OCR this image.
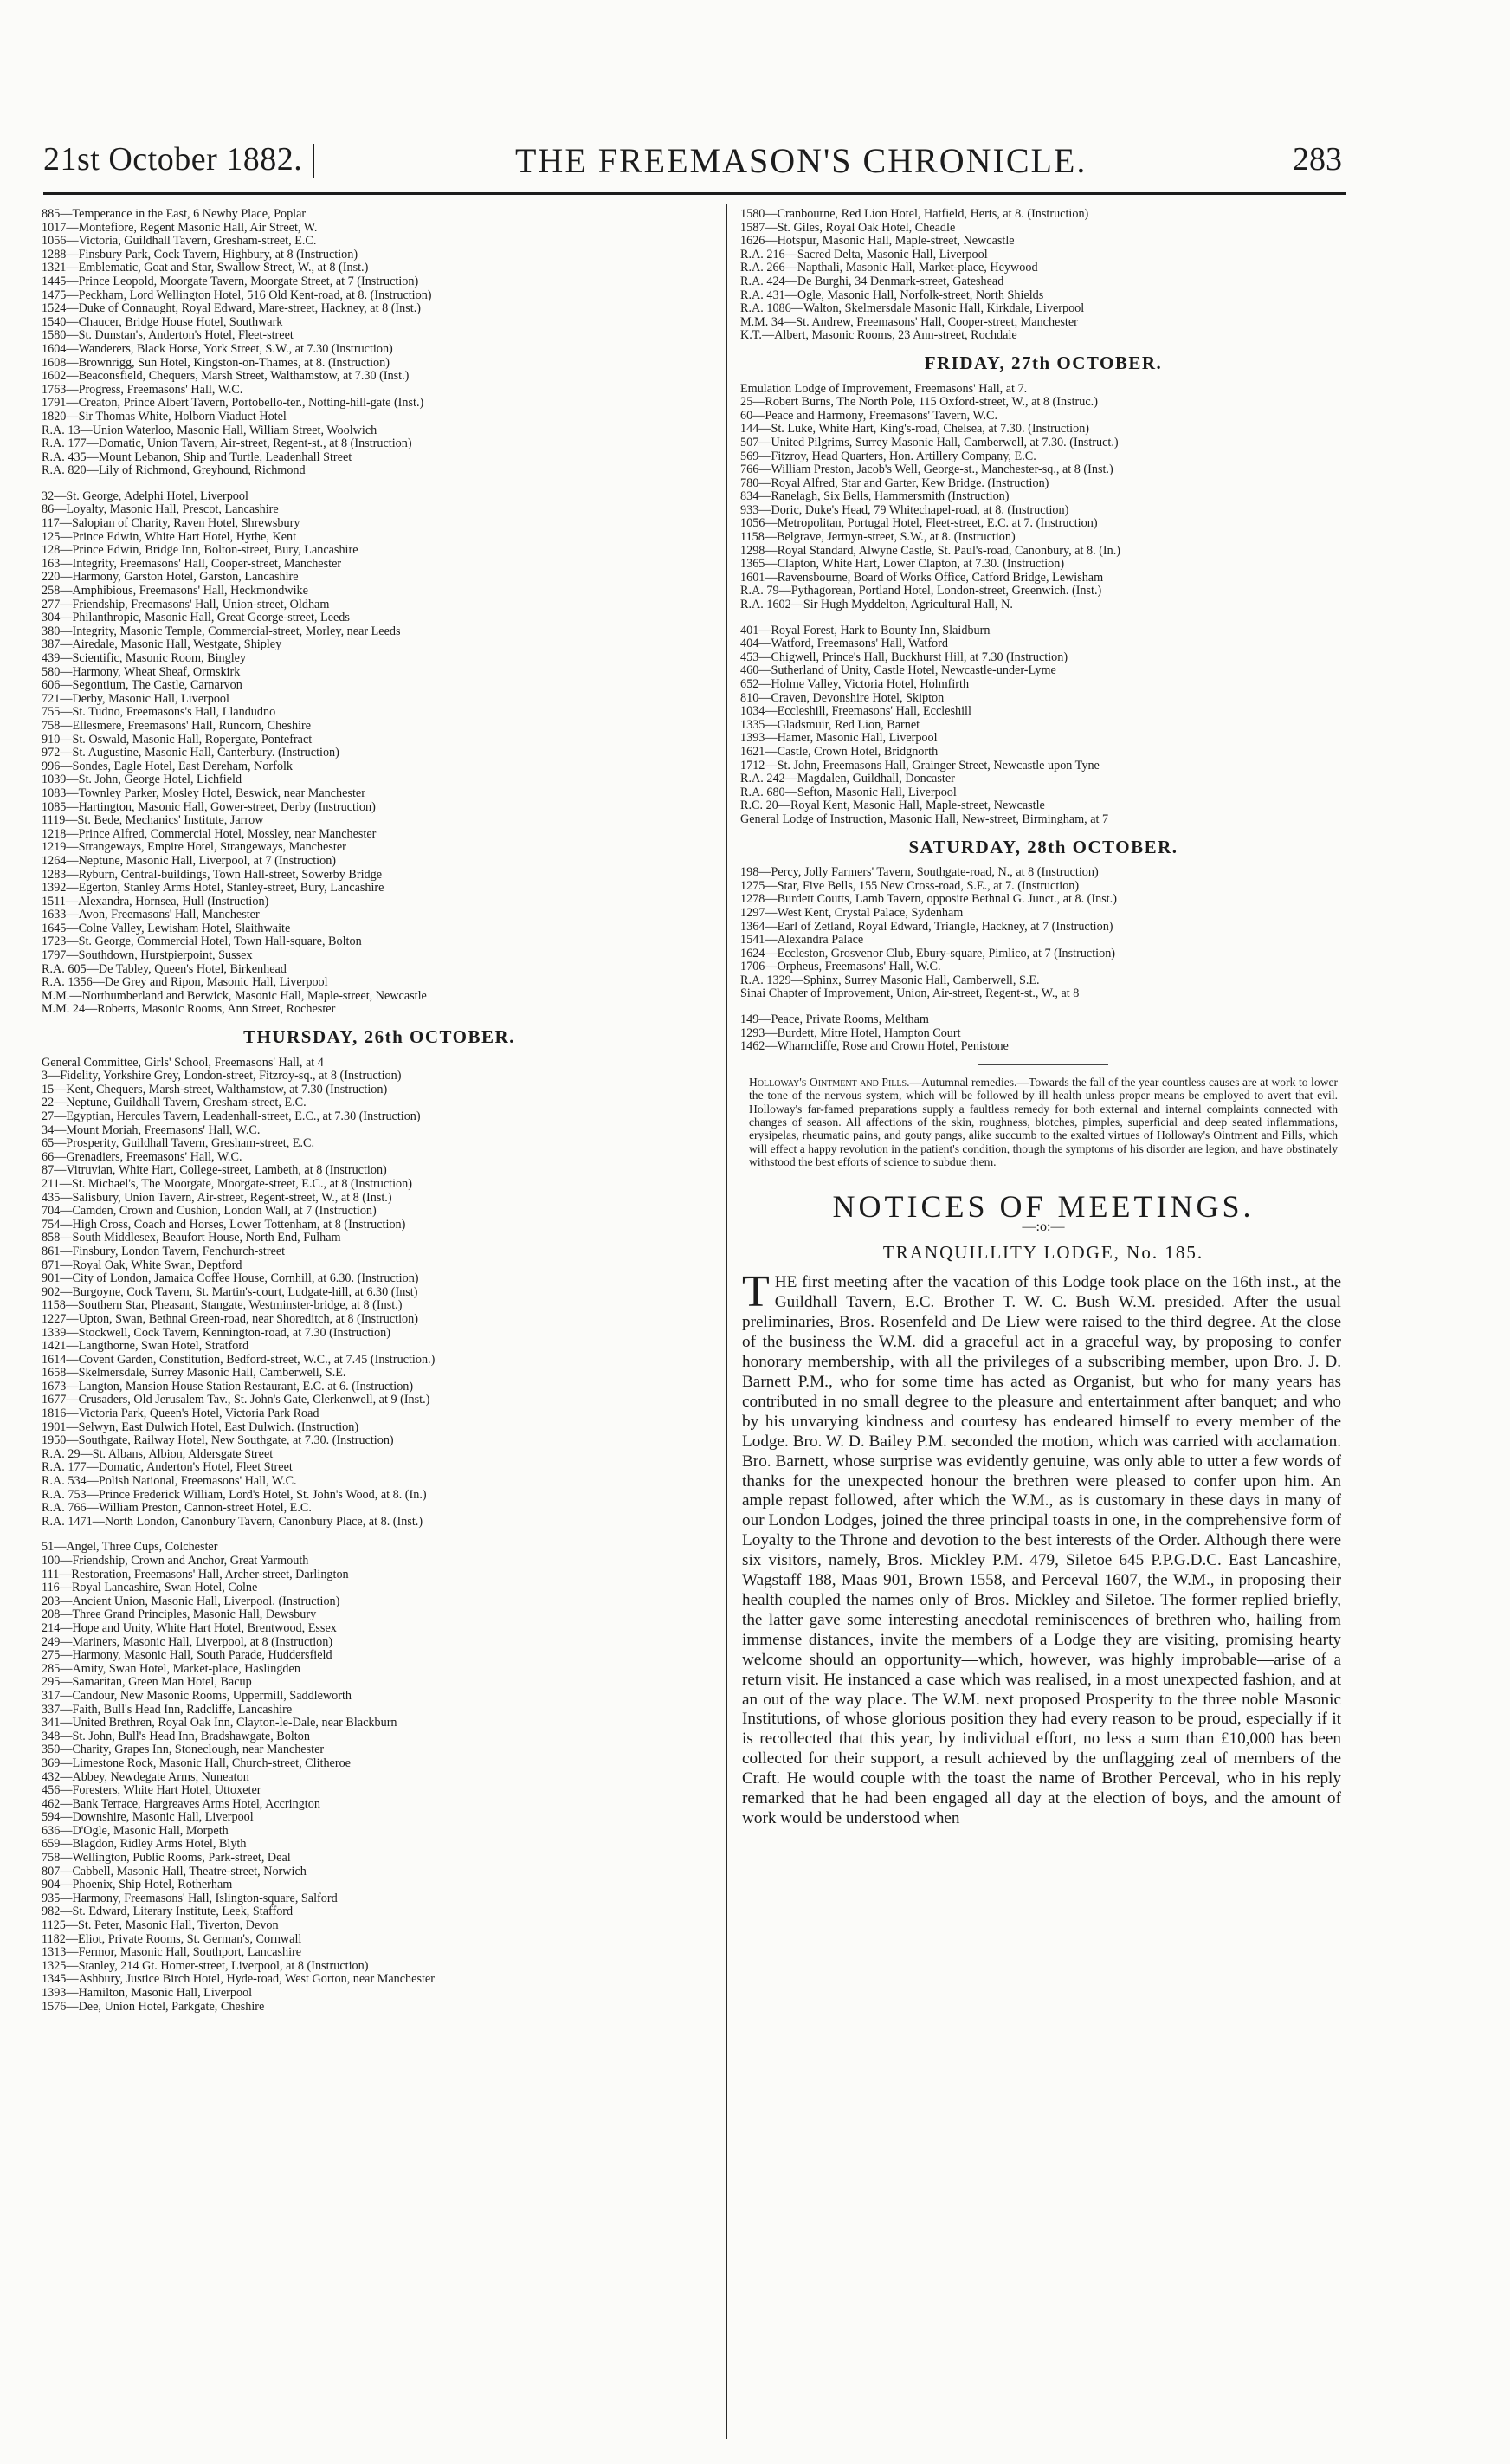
21st October 1882.	THE FREEMASON'S CHRONICLE.	283
885—Temperance in the East, 6 Newby Place, Poplar
1017—Montefiore, Regent Masonic Hall, Air Street, W.
1056—Victoria, Guildhall Tavern, Gresham-street, E.C.
1288—Finsbury Park, Cock Tavern, Highbury, at 8 (Instruction)
1321—Emblematic, Goat and Star, Swallow Street, W., at 8 (Inst.)
1445—Prince Leopold, Moorgate Tavern, Moorgate Street, at 7 (Instruction)
1475—Peckham, Lord Wellington Hotel, 516 Old Kent-road, at 8. (Instruction)
1524—Duke of Connaught, Royal Edward, Mare-street, Hackney, at 8 (Inst.)
1540—Chaucer, Bridge House Hotel, Southwark
1580—St. Dunstan's, Anderton's Hotel, Fleet-street
1604—Wanderers, Black Horse, York Street, S.W., at 7.30 (Instruction)
1608—Brownrigg, Sun Hotel, Kingston-on-Thames, at 8. (Instruction)
1602—Beaconsfield, Chequers, Marsh Street, Walthamstow, at 7.30 (Inst.)
1763—Progress, Freemasons' Hall, W.C.
1791—Creaton, Prince Albert Tavern, Portobello-ter., Notting-hill-gate (Inst.)
1820—Sir Thomas White, Holborn Viaduct Hotel
R.A. 13—Union Waterloo, Masonic Hall, William Street, Woolwich
R.A. 177—Domatic, Union Tavern, Air-street, Regent-st., at 8 (Instruction)
R.A. 435—Mount Lebanon, Ship and Turtle, Leadenhall Street
R.A. 820—Lily of Richmond, Greyhound, Richmond
32—St. George, Adelphi Hotel, Liverpool
86—Loyalty, Masonic Hall, Prescot, Lancashire
117—Salopian of Charity, Raven Hotel, Shrewsbury
125—Prince Edwin, White Hart Hotel, Hythe, Kent
128—Prince Edwin, Bridge Inn, Bolton-street, Bury, Lancashire
163—Integrity, Freemasons' Hall, Cooper-street, Manchester
220—Harmony, Garston Hotel, Garston, Lancashire
258—Amphibious, Freemasons' Hall, Heckmondwike
277—Friendship, Freemasons' Hall, Union-street, Oldham
304—Philanthropic, Masonic Hall, Great George-street, Leeds
380—Integrity, Masonic Temple, Commercial-street, Morley, near Leeds
387—Airedale, Masonic Hall, Westgate, Shipley
439—Scientific, Masonic Room, Bingley
580—Harmony, Wheat Sheaf, Ormskirk
606—Segontium, The Castle, Carnarvon
721—Derby, Masonic Hall, Liverpool
755—St. Tudno, Freemasons's Hall, Llandudno
758—Ellesmere, Freemasons' Hall, Runcorn, Cheshire
910—St. Oswald, Masonic Hall, Ropergate, Pontefract
972—St. Augustine, Masonic Hall, Canterbury. (Instruction)
996—Sondes, Eagle Hotel, East Dereham, Norfolk
1039—St. John, George Hotel, Lichfield
1083—Townley Parker, Mosley Hotel, Beswick, near Manchester
1085—Hartington, Masonic Hall, Gower-street, Derby (Instruction)
1119—St. Bede, Mechanics' Institute, Jarrow
1218—Prince Alfred, Commercial Hotel, Mossley, near Manchester
1219—Strangeways, Empire Hotel, Strangeways, Manchester
1264—Neptune, Masonic Hall, Liverpool, at 7 (Instruction)
1283—Ryburn, Central-buildings, Town Hall-street, Sowerby Bridge
1392—Egerton, Stanley Arms Hotel, Stanley-street, Bury, Lancashire
1511—Alexandra, Hornsea, Hull (Instruction)
1633—Avon, Freemasons' Hall, Manchester
1645—Colne Valley, Lewisham Hotel, Slaithwaite
1723—St. George, Commercial Hotel, Town Hall-square, Bolton
1797—Southdown, Hurstpierpoint, Sussex
R.A. 605—De Tabley, Queen's Hotel, Birkenhead
R.A. 1356—De Grey and Ripon, Masonic Hall, Liverpool
M.M.—Northumberland and Berwick, Masonic Hall, Maple-street, Newcastle
M.M. 24—Roberts, Masonic Rooms, Ann Street, Rochester
THURSDAY, 26th OCTOBER.
General Committee, Girls' School, Freemasons' Hall, at 4
3—Fidelity, Yorkshire Grey, London-street, Fitzroy-sq., at 8 (Instruction)
15—Kent, Chequers, Marsh-street, Walthamstow, at 7.30 (Instruction)
22—Neptune, Guildhall Tavern, Gresham-street, E.C.
27—Egyptian, Hercules Tavern, Leadenhall-street, E.C., at 7.30 (Instruction)
34—Mount Moriah, Freemasons' Hall, W.C.
65—Prosperity, Guildhall Tavern, Gresham-street, E.C.
66—Grenadiers, Freemasons' Hall, W.C.
87—Vitruvian, White Hart, College-street, Lambeth, at 8 (Instruction)
211—St. Michael's, The Moorgate, Moorgate-street, E.C., at 8 (Instruction)
435—Salisbury, Union Tavern, Air-street, Regent-street, W., at 8 (Inst.)
704—Camden, Crown and Cushion, London Wall, at 7 (Instruction)
754—High Cross, Coach and Horses, Lower Tottenham, at 8 (Instruction)
858—South Middlesex, Beaufort House, North End, Fulham
861—Finsbury, London Tavern, Fenchurch-street
871—Royal Oak, White Swan, Deptford
901—City of London, Jamaica Coffee House, Cornhill, at 6.30. (Instruction)
902—Burgoyne, Cock Tavern, St. Martin's-court, Ludgate-hill, at 6.30 (Inst)
1158—Southern Star, Pheasant, Stangate, Westminster-bridge, at 8 (Inst.)
1227—Upton, Swan, Bethnal Green-road, near Shoreditch, at 8 (Instruction)
1339—Stockwell, Cock Tavern, Kennington-road, at 7.30 (Instruction)
1421—Langthorne, Swan Hotel, Stratford
1614—Covent Garden, Constitution, Bedford-street, W.C., at 7.45 (Instruction.)
1658—Skelmersdale, Surrey Masonic Hall, Camberwell, S.E.
1673—Langton, Mansion House Station Restaurant, E.C. at 6. (Instruction)
1677—Crusaders, Old Jerusalem Tav., St. John's Gate, Clerkenwell, at 9 (Inst.)
1816—Victoria Park, Queen's Hotel, Victoria Park Road
1901—Selwyn, East Dulwich Hotel, East Dulwich. (Instruction)
1950—Southgate, Railway Hotel, New Southgate, at 7.30. (Instruction)
R.A. 29—St. Albans, Albion, Aldersgate Street
R.A. 177—Domatic, Anderton's Hotel, Fleet Street
R.A. 534—Polish National, Freemasons' Hall, W.C.
R.A. 753—Prince Frederick William, Lord's Hotel, St. John's Wood, at 8. (In.)
R.A. 766—William Preston, Cannon-street Hotel, E.C.
R.A. 1471—North London, Canonbury Tavern, Canonbury Place, at 8. (Inst.)
51—Angel, Three Cups, Colchester
100—Friendship, Crown and Anchor, Great Yarmouth
111—Restoration, Freemasons' Hall, Archer-street, Darlington
116—Royal Lancashire, Swan Hotel, Colne
203—Ancient Union, Masonic Hall, Liverpool. (Instruction)
208—Three Grand Principles, Masonic Hall, Dewsbury
214—Hope and Unity, White Hart Hotel, Brentwood, Essex
249—Mariners, Masonic Hall, Liverpool, at 8 (Instruction)
275—Harmony, Masonic Hall, South Parade, Huddersfield
285—Amity, Swan Hotel, Market-place, Haslingden
295—Samaritan, Green Man Hotel, Bacup
317—Candour, New Masonic Rooms, Uppermill, Saddleworth
337—Faith, Bull's Head Inn, Radcliffe, Lancashire
341—United Brethren, Royal Oak Inn, Clayton-le-Dale, near Blackburn
348—St. John, Bull's Head Inn, Bradshawgate, Bolton
350—Charity, Grapes Inn, Stoneclough, near Manchester
369—Limestone Rock, Masonic Hall, Church-street, Clitheroe
432—Abbey, Newdegate Arms, Nuneaton
456—Foresters, White Hart Hotel, Uttoxeter
462—Bank Terrace, Hargreaves Arms Hotel, Accrington
594—Downshire, Masonic Hall, Liverpool
636—D'Ogle, Masonic Hall, Morpeth
659—Blagdon, Ridley Arms Hotel, Blyth
758—Wellington, Public Rooms, Park-street, Deal
807—Cabbell, Masonic Hall, Theatre-street, Norwich
904—Phoenix, Ship Hotel, Rotherham
935—Harmony, Freemasons' Hall, Islington-square, Salford
982—St. Edward, Literary Institute, Leek, Stafford
1125—St. Peter, Masonic Hall, Tiverton, Devon
1182—Eliot, Private Rooms, St. German's, Cornwall
1313—Fermor, Masonic Hall, Southport, Lancashire
1325—Stanley, 214 Gt. Homer-street, Liverpool, at 8 (Instruction)
1345—Ashbury, Justice Birch Hotel, Hyde-road, West Gorton, near Manchester
1393—Hamilton, Masonic Hall, Liverpool
1576—Dee, Union Hotel, Parkgate, Cheshire
1580—Cranbourne, Red Lion Hotel, Hatfield, Herts, at 8. (Instruction)
1587—St. Giles, Royal Oak Hotel, Cheadle
1626—Hotspur, Masonic Hall, Maple-street, Newcastle
R.A. 216—Sacred Delta, Masonic Hall, Liverpool
R.A. 266—Napthali, Masonic Hall, Market-place, Heywood
R.A. 424—De Burghi, 34 Denmark-street, Gateshead
R.A. 431—Ogle, Masonic Hall, Norfolk-street, North Shields
R.A. 1086—Walton, Skelmersdale Masonic Hall, Kirkdale, Liverpool
M.M. 34—St. Andrew, Freemasons' Hall, Cooper-street, Manchester
K.T.—Albert, Masonic Rooms, 23 Ann-street, Rochdale
FRIDAY, 27th OCTOBER.
Emulation Lodge of Improvement, Freemasons' Hall, at 7.
25—Robert Burns, The North Pole, 115 Oxford-street, W., at 8 (Instruc.)
60—Peace and Harmony, Freemasons' Tavern, W.C.
144—St. Luke, White Hart, King's-road, Chelsea, at 7.30. (Instruction)
507—United Pilgrims, Surrey Masonic Hall, Camberwell, at 7.30. (Instruct.)
569—Fitzroy, Head Quarters, Hon. Artillery Company, E.C.
766—William Preston, Jacob's Well, George-st., Manchester-sq., at 8 (Inst.)
780—Royal Alfred, Star and Garter, Kew Bridge. (Instruction)
834—Ranelagh, Six Bells, Hammersmith (Instruction)
933—Doric, Duke's Head, 79 Whitechapel-road, at 8. (Instruction)
1056—Metropolitan, Portugal Hotel, Fleet-street, E.C. at 7. (Instruction)
1158—Belgrave, Jermyn-street, S.W., at 8. (Instruction)
1298—Royal Standard, Alwyne Castle, St. Paul's-road, Canonbury, at 8. (In.)
1365—Clapton, White Hart, Lower Clapton, at 7.30. (Instruction)
1601—Ravensbourne, Board of Works Office, Catford Bridge, Lewisham
R.A. 79—Pythagorean, Portland Hotel, London-street, Greenwich. (Inst.)
R.A. 1602—Sir Hugh Myddelton, Agricultural Hall, N.
401—Royal Forest, Hark to Bounty Inn, Slaidburn
404—Watford, Freemasons' Hall, Watford
453—Chigwell, Prince's Hall, Buckhurst Hill, at 7.30 (Instruction)
460—Sutherland of Unity, Castle Hotel, Newcastle-under-Lyme
652—Holme Valley, Victoria Hotel, Holmfirth
810—Craven, Devonshire Hotel, Skipton
1034—Eccleshill, Freemasons' Hall, Eccleshill
1335—Gladsmuir, Red Lion, Barnet
1393—Hamer, Masonic Hall, Liverpool
1621—Castle, Crown Hotel, Bridgnorth
1712—St. John, Freemasons Hall, Grainger Street, Newcastle upon Tyne
R.A. 242—Magdalen, Guildhall, Doncaster
R.A. 680—Sefton, Masonic Hall, Liverpool
R.C. 20—Royal Kent, Masonic Hall, Maple-street, Newcastle
General Lodge of Instruction, Masonic Hall, New-street, Birmingham, at 7
SATURDAY, 28th OCTOBER.
198—Percy, Jolly Farmers' Tavern, Southgate-road, N., at 8 (Instruction)
1275—Star, Five Bells, 155 New Cross-road, S.E., at 7. (Instruction)
1278—Burdett Coutts, Lamb Tavern, opposite Bethnal G. Junct., at 8. (Inst.)
1297—West Kent, Crystal Palace, Sydenham
1364—Earl of Zetland, Royal Edward, Triangle, Hackney, at 7 (Instruction)
1541—Alexandra Palace
1624—Eccleston, Grosvenor Club, Ebury-square, Pimlico, at 7 (Instruction)
1706—Orpheus, Freemasons' Hall, W.C.
R.A. 1329—Sphinx, Surrey Masonic Hall, Camberwell, S.E.
Sinai Chapter of Improvement, Union, Air-street, Regent-st., W., at 8
149—Peace, Private Rooms, Meltham
1293—Burdett, Mitre Hotel, Hampton Court
1462—Wharncliffe, Rose and Crown Hotel, Penistone
Holloway's Ointment and Pills.—Autumnal remedies.—Towards the fall of the year countless causes are at work to lower the tone of the nervous system, which will be followed by ill health unless proper means be employed to avert that evil. Holloway's far-famed preparations supply a faultless remedy for both external and internal complaints connected with changes of season. All affections of the skin, roughness, blotches, pimples, superficial and deep seated inflammations, erysipelas, rheumatic pains, and gouty pangs, alike succumb to the exalted virtues of Holloway's Ointment and Pills, which will effect a happy revolution in the patient's condition, though the symptoms of his disorder are legion, and have obstinately withstood the best efforts of science to subdue them.
NOTICES OF MEETINGS.
—:o:—
TRANQUILLITY LODGE, No. 185.
THE first meeting after the vacation of this Lodge took place on the 16th inst., at the Guildhall Tavern, E.C. Brother T. W. C. Bush W.M. presided. After the usual preliminaries, Bros. Rosenfeld and De Liew were raised to the third degree. At the close of the business the W.M. did a graceful act in a graceful way, by proposing to confer honorary membership, with all the privileges of a subscribing member, upon Bro. J. D. Barnett P.M., who for some time has acted as Organist, but who for many years has contributed in no small degree to the pleasure and entertainment after banquet; and who by his unvarying kindness and courtesy has endeared himself to every member of the Lodge. Bro. W. D. Bailey P.M. seconded the motion, which was carried with acclamation. Bro. Barnett, whose surprise was evidently genuine, was only able to utter a few words of thanks for the unexpected honour the brethren were pleased to confer upon him. An ample repast followed, after which the W.M., as is customary in these days in many of our London Lodges, joined the three principal toasts in one, in the comprehensive form of Loyalty to the Throne and devotion to the best interests of the Order. Although there were six visitors, namely, Bros. Mickley P.M. 479, Siletoe 645 P.P.G.D.C. East Lancashire, Wagstaff 188, Maas 901, Brown 1558, and Perceval 1607, the W.M., in proposing their health coupled the names only of Bros. Mickley and Siletoe. The former replied briefly, the latter gave some interesting anecdotal reminiscences of brethren who, hailing from immense distances, invite the members of a Lodge they are visiting, promising hearty welcome should an opportunity—which, however, was highly improbable—arise of a return visit. He instanced a case which was realised, in a most unexpected fashion, and at an out of the way place. The W.M. next proposed Prosperity to the three noble Masonic Institutions, of whose glorious position they had every reason to be proud, especially if it is recollected that this year, by individual effort, no less a sum than £10,000 has been collected for their support, a result achieved by the unflagging zeal of members of the Craft. He would couple with the toast the name of Brother Perceval, who in his reply remarked that he had been engaged all day at the election of boys, and the amount of work would be understood when
